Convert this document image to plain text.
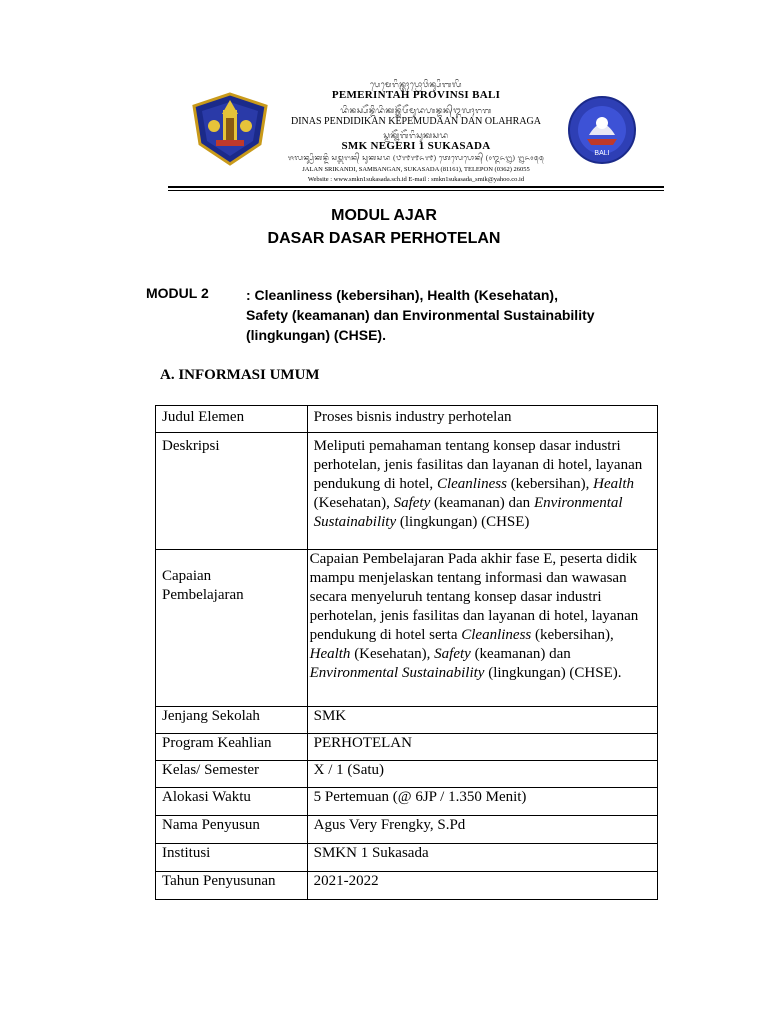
ᬧᬾᬫᬾᬭᬶᬦ᭄ᬢᬄᬧ᭄ᬭᭀᬯᬶᬦ᭄ᬲᬶᬩᬮᬶ
PEMERINTAH PROVINSI BALI
ᬤᬶᬦᬲ᭄ᬧᭂᬦ᭄ᬤᬶᬤᬶᬓᬦ᭄ᬓᭂᬧᭂᬫᬸᬤᬳᬦ᭄ᬤᬦ᭄ᬑᬮᬄᬭᬕ
DINAS PENDIDIKAN KEPEMUDAAN DAN OLAHRAGA
ᬲ᭄ᬫᬓ᭄ᬦᭂᬕᭂᬭᬶᬲᬸᬓᬲᬤ
SMK NEGERI 1 SUKASADA
ᬚᬮᬦ᭄ᬲ᭄ᬭᬶᬓᬦ᭄ᬤᬶ ᬲᬫ᭄ᬩᬗᬦ᭄ ᬲᬸᬓᬲᬤ (᭘᭑᭑᭖᭑) ᬢᬾᬮᬾᬧᭀᬦ᭄ (᭐᭓᭖᭒) ᭒᭖᭐᭕᭕
JALAN SRIKANDI, SAMBANGAN, SUKASADA (81161), TELEPON (0362) 26055
Website : www.smkn1sukasada.sch.id E-mail : smkn1sukasada_smik@yahoo.co.id
BALI
MODUL AJAR
DASAR DASAR PERHOTELAN
MODUL 2	: Cleanliness (kebersihan), Health (Kesehatan),
Safety (keamanan) dan Environmental Sustainability
(lingkungan) (CHSE).
A. INFORMASI UMUM
Judul Elemen	Proses bisnis industry perhotelan
Deskripsi	Meliputi pemahaman tentang konsep dasar industri perhotelan, jenis fasilitas dan layanan di hotel, layanan pendukung di hotel, Cleanliness (kebersihan), Health (Kesehatan), Safety (keamanan) dan Environmental Sustainability (lingkungan) (CHSE)

Capaian
Pembelajaran	Capaian Pembelajaran Pada akhir fase E, peserta didik mampu menjelaskan tentang informasi dan wawasan secara menyeluruh tentang konsep dasar industri perhotelan, jenis fasilitas dan layanan di hotel, layanan pendukung di hotel serta Cleanliness (kebersihan), Health (Kesehatan), Safety (keamanan) dan Environmental Sustainability (lingkungan) (CHSE).
Jenjang Sekolah	SMK
Program Keahlian	PERHOTELAN
Kelas/ Semester	X / 1 (Satu)
Alokasi Waktu	5 Pertemuan (@ 6JP / 1.350 Menit)
Nama Penyusun	Agus Very Frengky, S.Pd
Institusi	SMKN 1 Sukasada
Tahun Penyusunan	2021-2022
